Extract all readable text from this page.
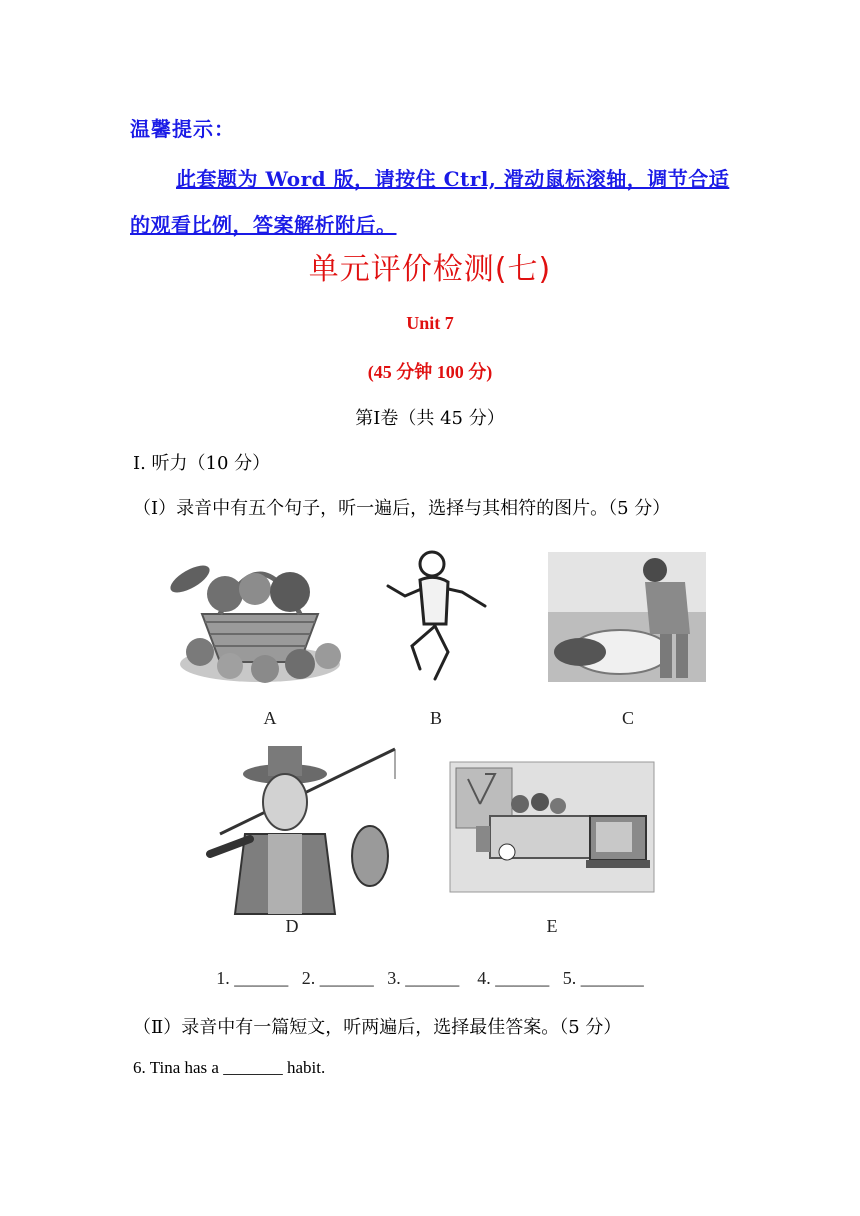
温馨提示：
此套题为 Word 版，请按住 Ctrl, 滑动鼠标滚轴，调节合适的观看比例，答案解析附后。
单元评价检测(七)
Unit 7
(45 分钟 100 分)
第Ⅰ卷（共 45 分）
Ⅰ. 听力（10 分）
（Ⅰ）录音中有五个句子，听一遍后，选择与其相符的图片。（5 分）
A	B	C
D	E
1. ______   2. ______   3. ______    4. ______   5. _______
（Ⅱ）录音中有一篇短文，听两遍后，选择最佳答案。（5 分）
6. Tina has a _______ habit.
